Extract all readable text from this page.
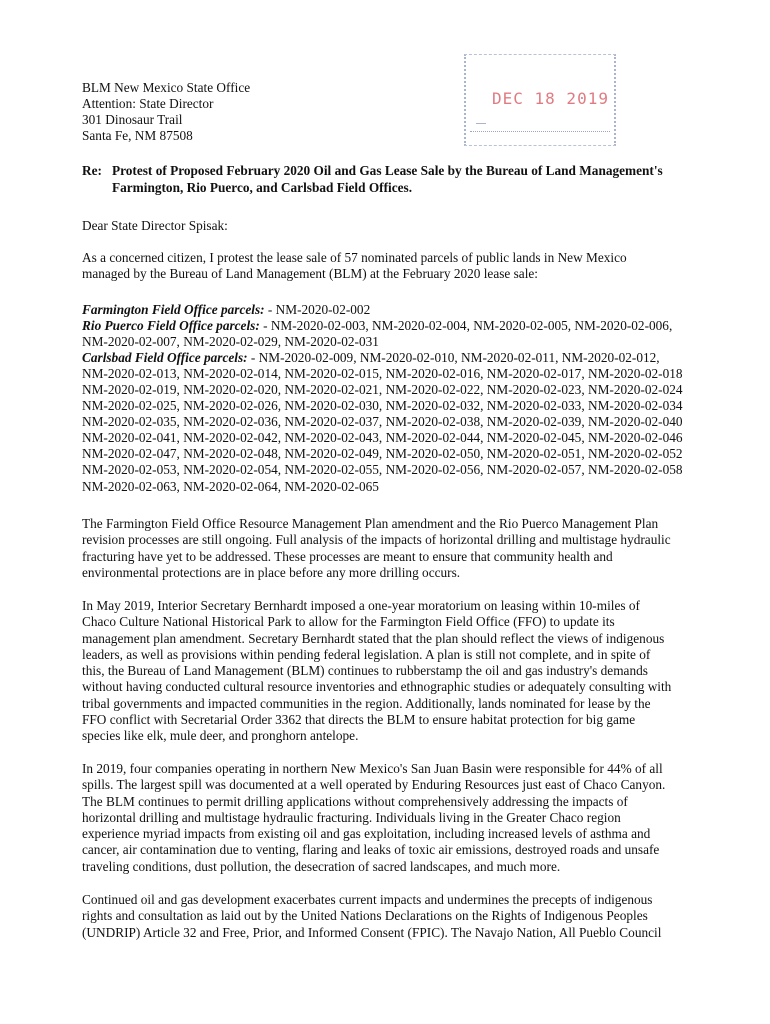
BLM New Mexico State Office
Attention: State Director
301 Dinosaur Trail
Santa Fe, NM 87508
DEC 18 2019
Re: Protest of Proposed February 2020 Oil and Gas Lease Sale by the Bureau of Land Management's
Farmington, Rio Puerco, and Carlsbad Field Offices.
Dear State Director Spisak:
As a concerned citizen, I protest the lease sale of 57 nominated parcels of public lands in New Mexico
managed by the Bureau of Land Management (BLM) at the February 2020 lease sale:
Farmington Field Office parcels: - NM-2020-02-002
Rio Puerco Field Office parcels: - NM-2020-02-003, NM-2020-02-004, NM-2020-02-005, NM-2020-02-006,
NM-2020-02-007, NM-2020-02-029, NM-2020-02-031
Carlsbad Field Office parcels: - NM-2020-02-009, NM-2020-02-010, NM-2020-02-011, NM-2020-02-012,
NM-2020-02-013, NM-2020-02-014, NM-2020-02-015, NM-2020-02-016, NM-2020-02-017, NM-2020-02-018
NM-2020-02-019, NM-2020-02-020, NM-2020-02-021, NM-2020-02-022, NM-2020-02-023, NM-2020-02-024
NM-2020-02-025, NM-2020-02-026, NM-2020-02-030, NM-2020-02-032, NM-2020-02-033, NM-2020-02-034
NM-2020-02-035, NM-2020-02-036, NM-2020-02-037, NM-2020-02-038, NM-2020-02-039, NM-2020-02-040
NM-2020-02-041, NM-2020-02-042, NM-2020-02-043, NM-2020-02-044, NM-2020-02-045, NM-2020-02-046
NM-2020-02-047, NM-2020-02-048, NM-2020-02-049, NM-2020-02-050, NM-2020-02-051, NM-2020-02-052
NM-2020-02-053, NM-2020-02-054, NM-2020-02-055, NM-2020-02-056, NM-2020-02-057, NM-2020-02-058
NM-2020-02-063, NM-2020-02-064, NM-2020-02-065
The Farmington Field Office Resource Management Plan amendment and the Rio Puerco Management Plan
revision processes are still ongoing. Full analysis of the impacts of horizontal drilling and multistage hydraulic
fracturing have yet to be addressed. These processes are meant to ensure that community health and
environmental protections are in place before any more drilling occurs.
In May 2019, Interior Secretary Bernhardt imposed a one-year moratorium on leasing within 10-miles of
Chaco Culture National Historical Park to allow for the Farmington Field Office (FFO) to update its
management plan amendment. Secretary Bernhardt stated that the plan should reflect the views of indigenous
leaders, as well as provisions within pending federal legislation. A plan is still not complete, and in spite of
this, the Bureau of Land Management (BLM) continues to rubberstamp the oil and gas industry's demands
without having conducted cultural resource inventories and ethnographic studies or adequately consulting with
tribal governments and impacted communities in the region. Additionally, lands nominated for lease by the
FFO conflict with Secretarial Order 3362 that directs the BLM to ensure habitat protection for big game
species like elk, mule deer, and pronghorn antelope.
In 2019, four companies operating in northern New Mexico's San Juan Basin were responsible for 44% of all
spills. The largest spill was documented at a well operated by Enduring Resources just east of Chaco Canyon.
The BLM continues to permit drilling applications without comprehensively addressing the impacts of
horizontal drilling and multistage hydraulic fracturing. Individuals living in the Greater Chaco region
experience myriad impacts from existing oil and gas exploitation, including increased levels of asthma and
cancer, air contamination due to venting, flaring and leaks of toxic air emissions, destroyed roads and unsafe
traveling conditions, dust pollution, the desecration of sacred landscapes, and much more.
Continued oil and gas development exacerbates current impacts and undermines the precepts of indigenous
rights and consultation as laid out by the United Nations Declarations on the Rights of Indigenous Peoples
(UNDRIP) Article 32 and Free, Prior, and Informed Consent (FPIC). The Navajo Nation, All Pueblo Council
